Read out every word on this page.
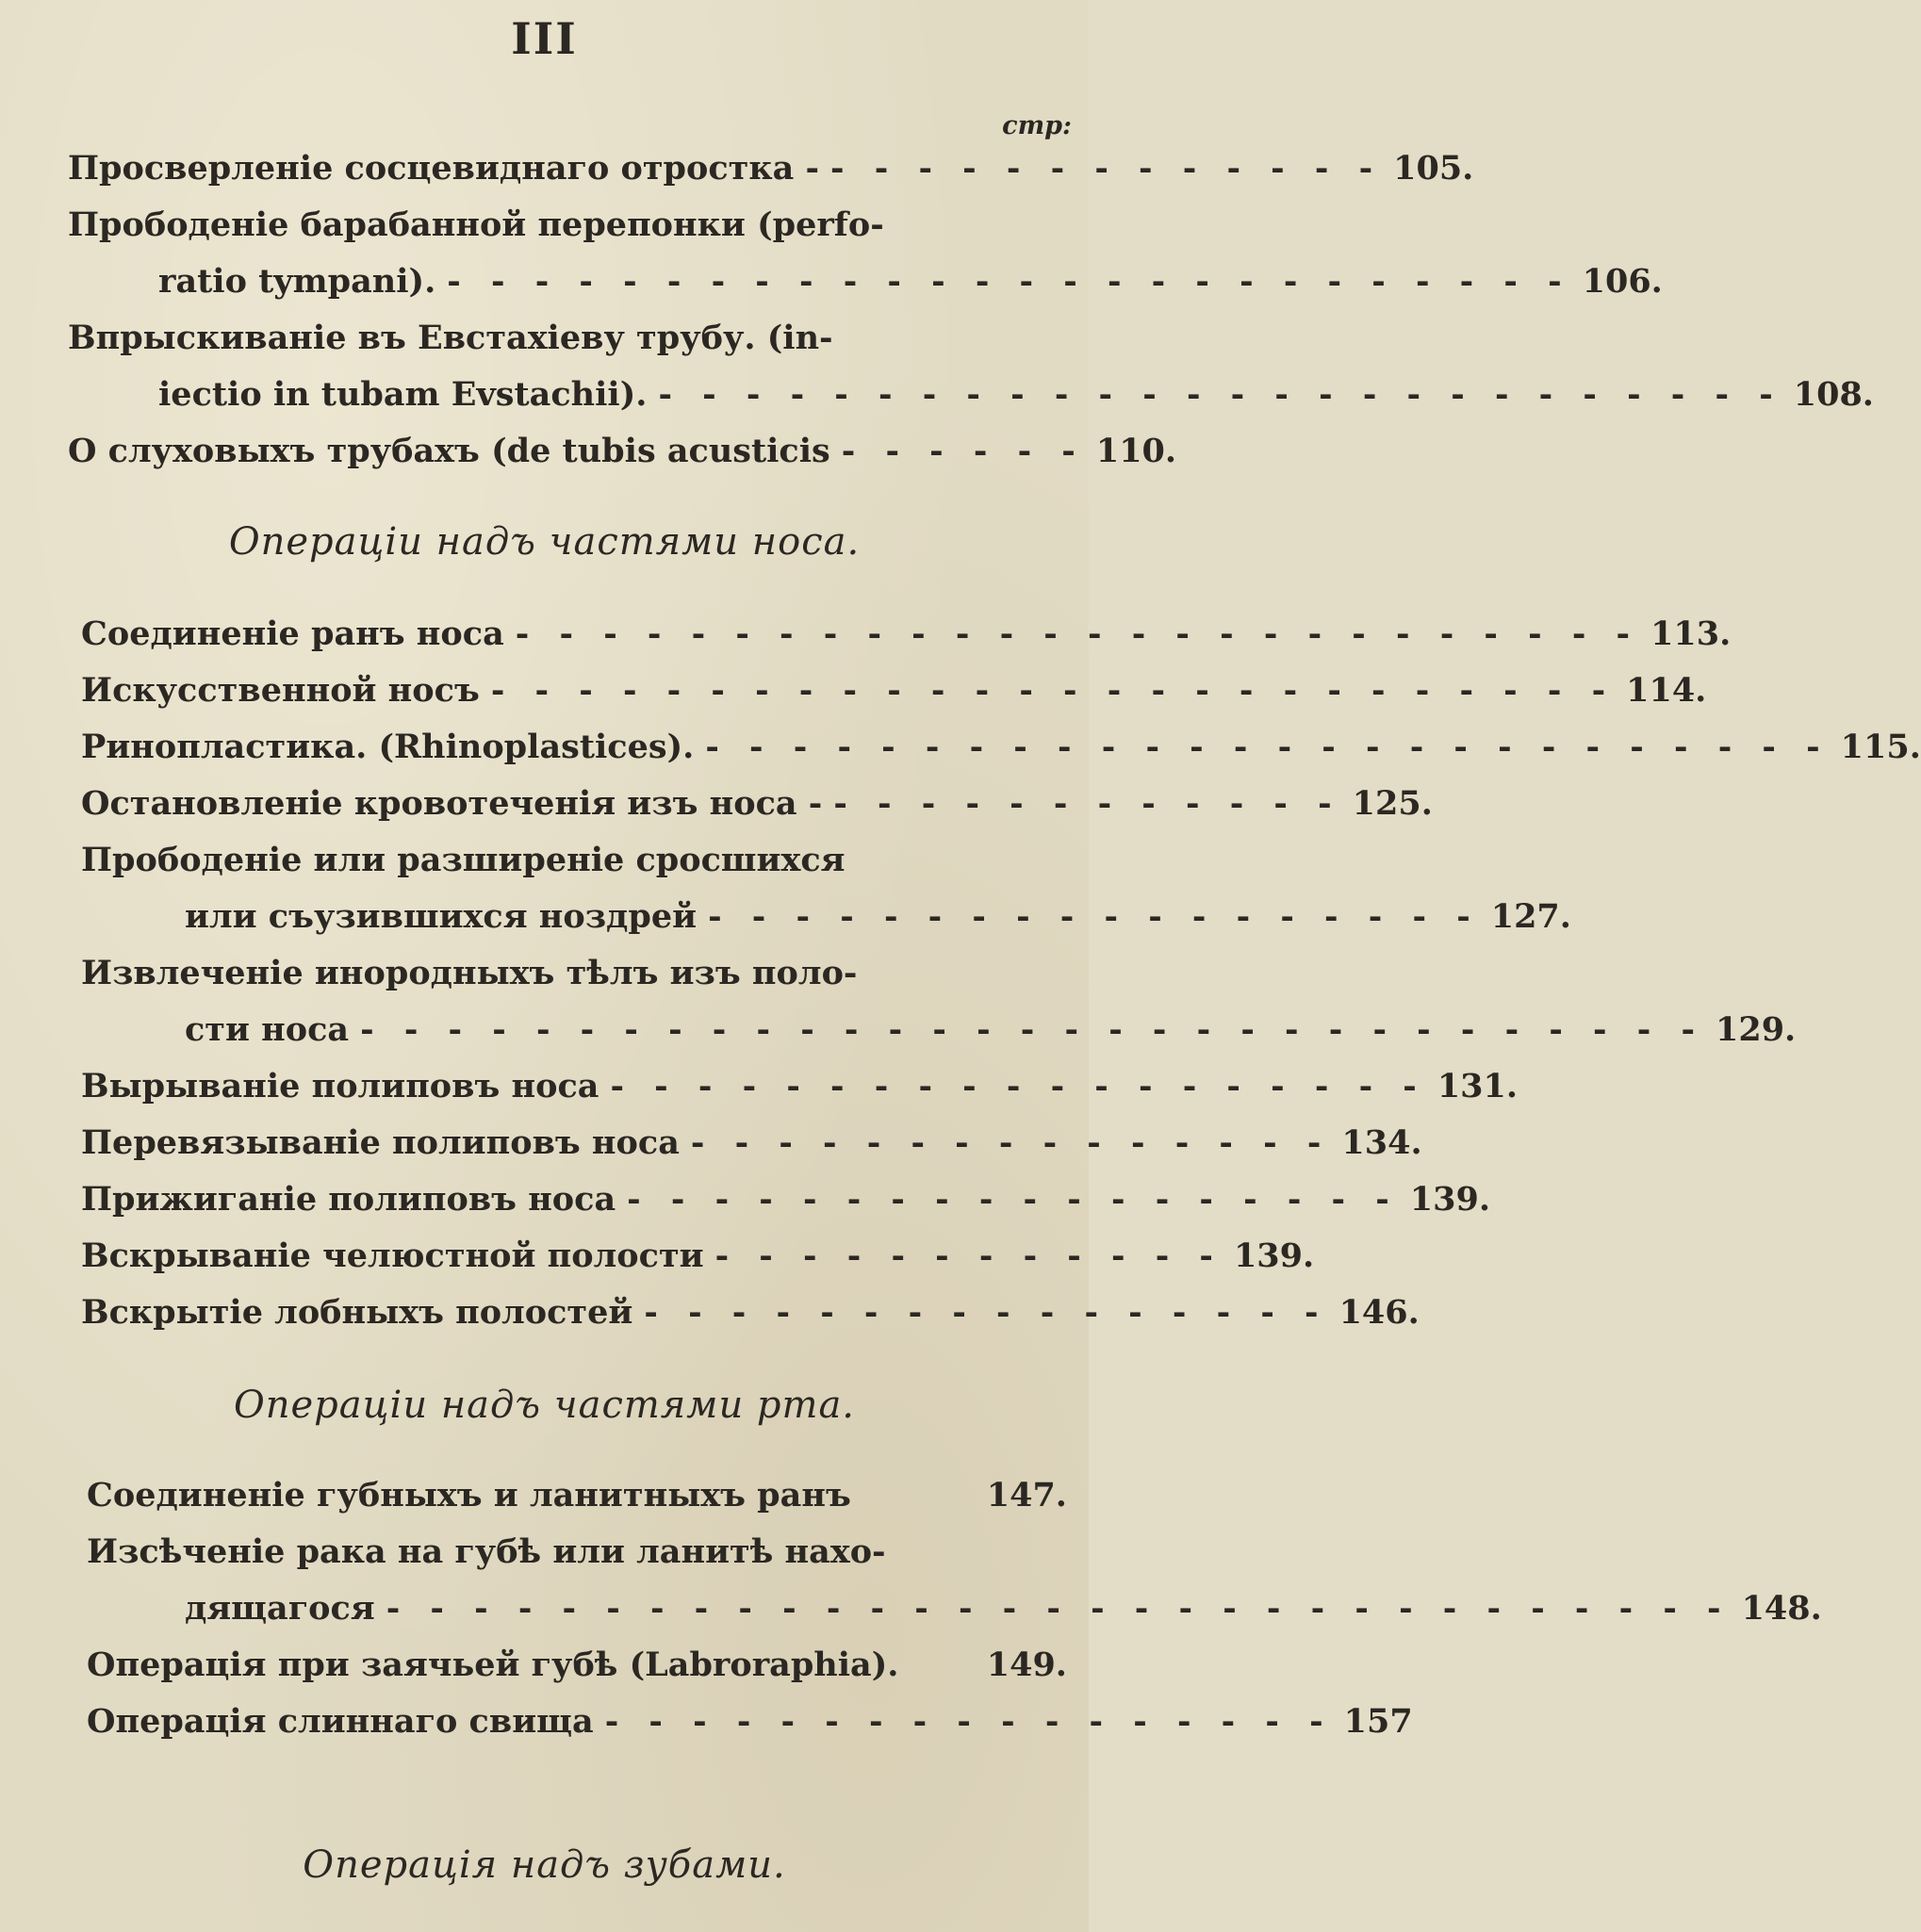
III
стр:
Просверленіе сосцевиднаго отростка - - - - - - - - - - - - - - 105.
Прободеніе барабанной перепонки (perfo-
ratio tympani). - - - - - - - - - - - - - - - - - - - - - - - - - - 106.
Впрыскиваніе въ Евстахіеву трубу. (in-
iectio in tubam Evstachii). - - - - - - - - - - - - - - - - - - - - - - - - - - 108.
О слуховыхъ трубахъ (de tubis acusticis - - - - - - 110.
Операціи надъ частями носа.
Соединеніе ранъ носа - - - - - - - - - - - - - - - - - - - - - - - - - - 113.
Искусственной носъ - - - - - - - - - - - - - - - - - - - - - - - - - - 114.
Ринопластика. (Rhinoplastices). - - - - - - - - - - - - - - - - - - - - - - - - - - 115.
Остановленіе кровотеченія изъ носа - - - - - - - - - - - - - 125.
Прободеніе или разширеніе сросшихся
или съузившихся ноздрей - - - - - - - - - - - - - - - - - - 127.
Извлеченіе инородныхъ тѣлъ изъ поло-
сти носа - - - - - - - - - - - - - - - - - - - - - - - - - - - - - - - 129.
Вырываніе полиповъ носа - - - - - - - - - - - - - - - - - - - 131.
Перевязываніе полиповъ носа - - - - - - - - - - - - - - - 134.
Прижиганіе полиповъ носа - - - - - - - - - - - - - - - - - - 139.
Вскрываніе челюстной полости - - - - - - - - - - - - 139.
Вскрытіе лобныхъ полостей - - - - - - - - - - - - - - - - 146.
Операціи надъ частями рта.
Соединеніе губныхъ и ланитныхъ ранъ	147.
Изсѣченіе рака на губѣ или ланитѣ нахо-
дящагося - - - - - - - - - - - - - - - - - - - - - - - - - - - - - - - 148.
Операція при заячьей губѣ (Labroraphia).	149.
Операція слиннаго свища - - - - - - - - - - - - - - - - - 157
Операція надъ зубами.
